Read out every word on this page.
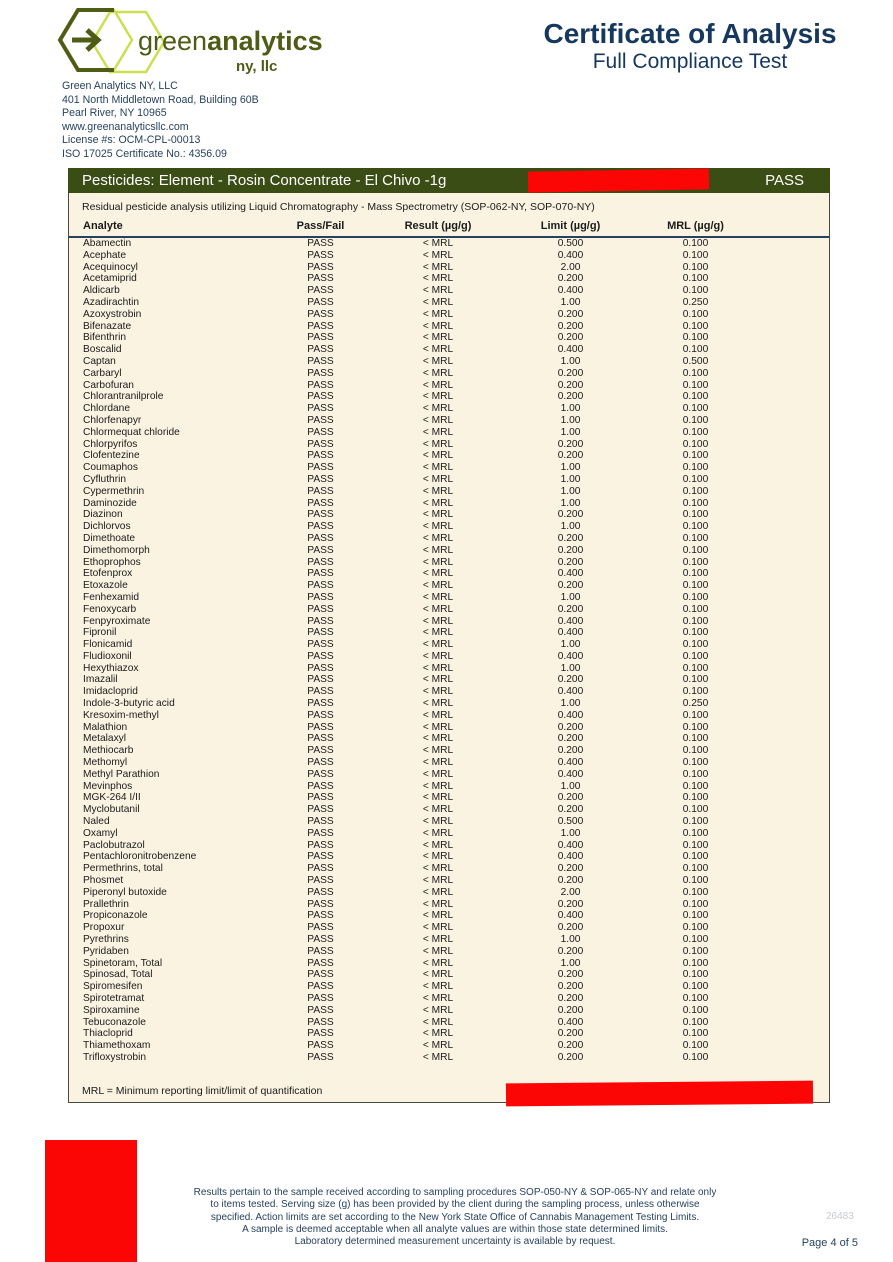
greenanalytics
ny, llc
Certificate of Analysis
Full Compliance Test
Green Analytics NY, LLC
401 North Middletown Road, Building 60B
Pearl River, NY 10965
www.greenanalyticsllc.com
License #s: OCM-CPL-00013
ISO 17025 Certificate No.: 4356.09
Pesticides: Element - Rosin Concentrate - El Chivo -1g	PASS
Residual pesticide analysis utilizing Liquid Chromatography - Mass Spectrometry (SOP-062-NY, SOP-070-NY)
Analyte	Pass/Fail	Result (µg/g)	Limit (µg/g)	MRL (µg/g)
Abamectin	PASS	< MRL	0.500	0.100
Acephate	PASS	< MRL	0.400	0.100
Acequinocyl	PASS	< MRL	2.00	0.100
Acetamiprid	PASS	< MRL	0.200	0.100
Aldicarb	PASS	< MRL	0.400	0.100
Azadirachtin	PASS	< MRL	1.00	0.250
Azoxystrobin	PASS	< MRL	0.200	0.100
Bifenazate	PASS	< MRL	0.200	0.100
Bifenthrin	PASS	< MRL	0.200	0.100
Boscalid	PASS	< MRL	0.400	0.100
Captan	PASS	< MRL	1.00	0.500
Carbaryl	PASS	< MRL	0.200	0.100
Carbofuran	PASS	< MRL	0.200	0.100
Chlorantranilprole	PASS	< MRL	0.200	0.100
Chlordane	PASS	< MRL	1.00	0.100
Chlorfenapyr	PASS	< MRL	1.00	0.100
Chlormequat chloride	PASS	< MRL	1.00	0.100
Chlorpyrifos	PASS	< MRL	0.200	0.100
Clofentezine	PASS	< MRL	0.200	0.100
Coumaphos	PASS	< MRL	1.00	0.100
Cyfluthrin	PASS	< MRL	1.00	0.100
Cypermethrin	PASS	< MRL	1.00	0.100
Daminozide	PASS	< MRL	1.00	0.100
Diazinon	PASS	< MRL	0.200	0.100
Dichlorvos	PASS	< MRL	1.00	0.100
Dimethoate	PASS	< MRL	0.200	0.100
Dimethomorph	PASS	< MRL	0.200	0.100
Ethoprophos	PASS	< MRL	0.200	0.100
Etofenprox	PASS	< MRL	0.400	0.100
Etoxazole	PASS	< MRL	0.200	0.100
Fenhexamid	PASS	< MRL	1.00	0.100
Fenoxycarb	PASS	< MRL	0.200	0.100
Fenpyroximate	PASS	< MRL	0.400	0.100
Fipronil	PASS	< MRL	0.400	0.100
Flonicamid	PASS	< MRL	1.00	0.100
Fludioxonil	PASS	< MRL	0.400	0.100
Hexythiazox	PASS	< MRL	1.00	0.100
Imazalil	PASS	< MRL	0.200	0.100
Imidacloprid	PASS	< MRL	0.400	0.100
Indole-3-butyric acid	PASS	< MRL	1.00	0.250
Kresoxim-methyl	PASS	< MRL	0.400	0.100
Malathion	PASS	< MRL	0.200	0.100
Metalaxyl	PASS	< MRL	0.200	0.100
Methiocarb	PASS	< MRL	0.200	0.100
Methomyl	PASS	< MRL	0.400	0.100
Methyl Parathion	PASS	< MRL	0.400	0.100
Mevinphos	PASS	< MRL	1.00	0.100
MGK-264 I/II	PASS	< MRL	0.200	0.100
Myclobutanil	PASS	< MRL	0.200	0.100
Naled	PASS	< MRL	0.500	0.100
Oxamyl	PASS	< MRL	1.00	0.100
Paclobutrazol	PASS	< MRL	0.400	0.100
Pentachloronitrobenzene	PASS	< MRL	0.400	0.100
Permethrins, total	PASS	< MRL	0.200	0.100
Phosmet	PASS	< MRL	0.200	0.100
Piperonyl butoxide	PASS	< MRL	2.00	0.100
Prallethrin	PASS	< MRL	0.200	0.100
Propiconazole	PASS	< MRL	0.400	0.100
Propoxur	PASS	< MRL	0.200	0.100
Pyrethrins	PASS	< MRL	1.00	0.100
Pyridaben	PASS	< MRL	0.200	0.100
Spinetoram, Total	PASS	< MRL	1.00	0.100
Spinosad, Total	PASS	< MRL	0.200	0.100
Spiromesifen	PASS	< MRL	0.200	0.100
Spirotetramat	PASS	< MRL	0.200	0.100
Spiroxamine	PASS	< MRL	0.200	0.100
Tebuconazole	PASS	< MRL	0.400	0.100
Thiacloprid	PASS	< MRL	0.200	0.100
Thiamethoxam	PASS	< MRL	0.200	0.100
Trifloxystrobin	PASS	< MRL	0.200	0.100
MRL = Minimum reporting limit/limit of quantification
Results pertain to the sample received according to sampling procedures SOP-050-NY & SOP-065-NY and relate only
to items tested. Serving size (g) has been provided by the client during the sampling process, unless otherwise
specified. Action limits are set according to the New York State Office of Cannabis Management Testing Limits.
A sample is deemed acceptable when all analyte values are within those state determined limits.
Laboratory determined measurement uncertainty is available by request.
26483
Page 4 of 5
